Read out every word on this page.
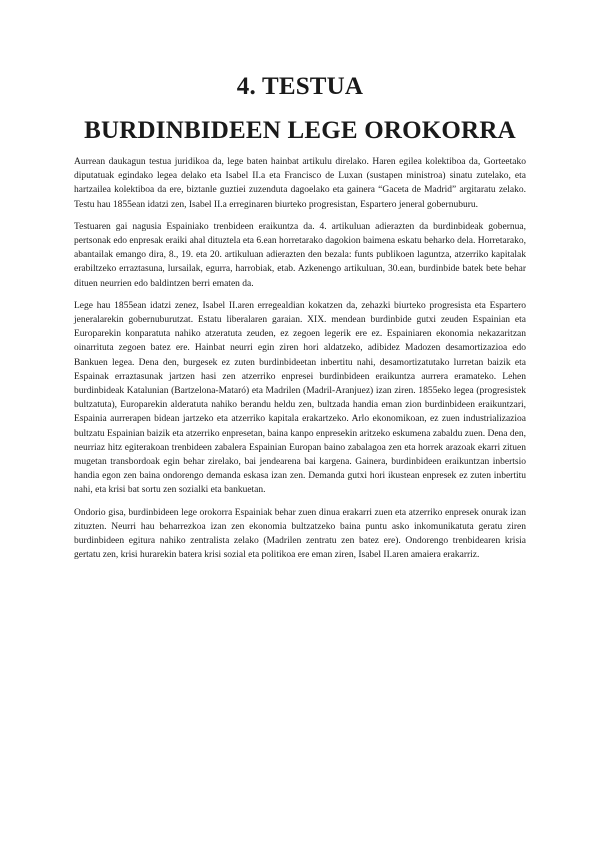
4. TESTUA
BURDINBIDEEN LEGE OROKORRA

Aurrean daukagun testua juridikoa da, lege baten hainbat artikulu direlako. Haren egilea kolektiboa da, Gorteetako diputatuak egindako legea delako eta Isabel II.a eta Francisco de Luxan (sustapen ministroa) sinatu zutelako, eta hartzailea kolektiboa da ere, biztanle guztiei zuzenduta dagoelako eta gainera “Gaceta de Madrid” argitaratu zelako. Testu hau 1855ean idatzi zen, Isabel II.a erreginaren biurteko progresistan, Espartero jeneral gobernuburu.

Testuaren gai nagusia Espainiako trenbideen eraikuntza da. 4. artikuluan adierazten da burdinbideak gobernua, pertsonak edo enpresak eraiki ahal dituztela eta 6.ean horretarako dagokion baimena eskatu beharko dela. Horretarako, abantailak emango dira, 8., 19. eta 20. artikuluan adierazten den bezala: funts publikoen laguntza, atzerriko kapitalak erabiltzeko erraztasuna, lursailak, egurra, harrobiak, etab. Azkenengo artikuluan, 30.ean, burdinbide batek bete behar dituen neurrien edo baldintzen berri ematen da.

Lege hau 1855ean idatzi zenez, Isabel II.aren erregealdian kokatzen da, zehazki biurteko progresista eta Espartero jeneralarekin gobernuburutzat. Estatu liberalaren garaian. XIX. mendean burdinbide gutxi zeuden Espainian eta Europarekin konparatuta nahiko atzeratuta zeuden, ez zegoen legerik ere ez. Espainiaren ekonomia nekazaritzan oinarrituta zegoen batez ere. Hainbat neurri egin ziren hori aldatzeko, adibidez Madozen desamortizazioa edo Bankuen legea. Dena den, burgesek ez zuten burdinbideetan inbertitu nahi, desamortizatutako lurretan baizik eta Espainak erraztasunak jartzen hasi zen atzerriko enpresei burdinbideen eraikuntza aurrera eramateko. Lehen burdinbideak Katalunian (Bartzelona-Mataró) eta Madrilen (Madril-Aranjuez) izan ziren. 1855eko legea (progresistek bultzatuta), Europarekin alderatuta nahiko berandu heldu zen, bultzada handia eman zion burdinbideen eraikuntzari, Espainia aurrerapen bidean jartzeko eta atzerriko kapitala erakartzeko. Arlo ekonomikoan, ez zuen industrializazioa bultzatu Espainian baizik eta atzerriko enpresetan, baina kanpo enpresekin aritzeko eskumena zabaldu zuen. Dena den, neurriaz hitz egiterakoan trenbideen zabalera Espainian Europan baino zabalagoa zen eta horrek arazoak ekarri zituen mugetan transbordoak egin behar zirelako, bai jendearena bai kargena. Gainera, burdinbideen eraikuntzan inbertsio handia egon zen baina ondorengo demanda eskasa izan zen. Demanda gutxi hori ikustean enpresek ez zuten inbertitu nahi, eta krisi bat sortu zen sozialki eta bankuetan.

Ondorio gisa, burdinbideen lege orokorra Espainiak behar zuen dinua erakarri zuen eta atzerriko enpresek onurak izan zituzten. Neurri hau beharrezkoa izan zen ekonomia bultzatzeko baina puntu asko inkomunikatuta geratu ziren burdinbideen egitura nahiko zentralista zelako (Madrilen zentratu zen batez ere). Ondorengo trenbidearen krisia gertatu zen, krisi hurarekin batera krisi sozial eta politikoa ere eman ziren, Isabel II.aren amaiera erakarriz.
